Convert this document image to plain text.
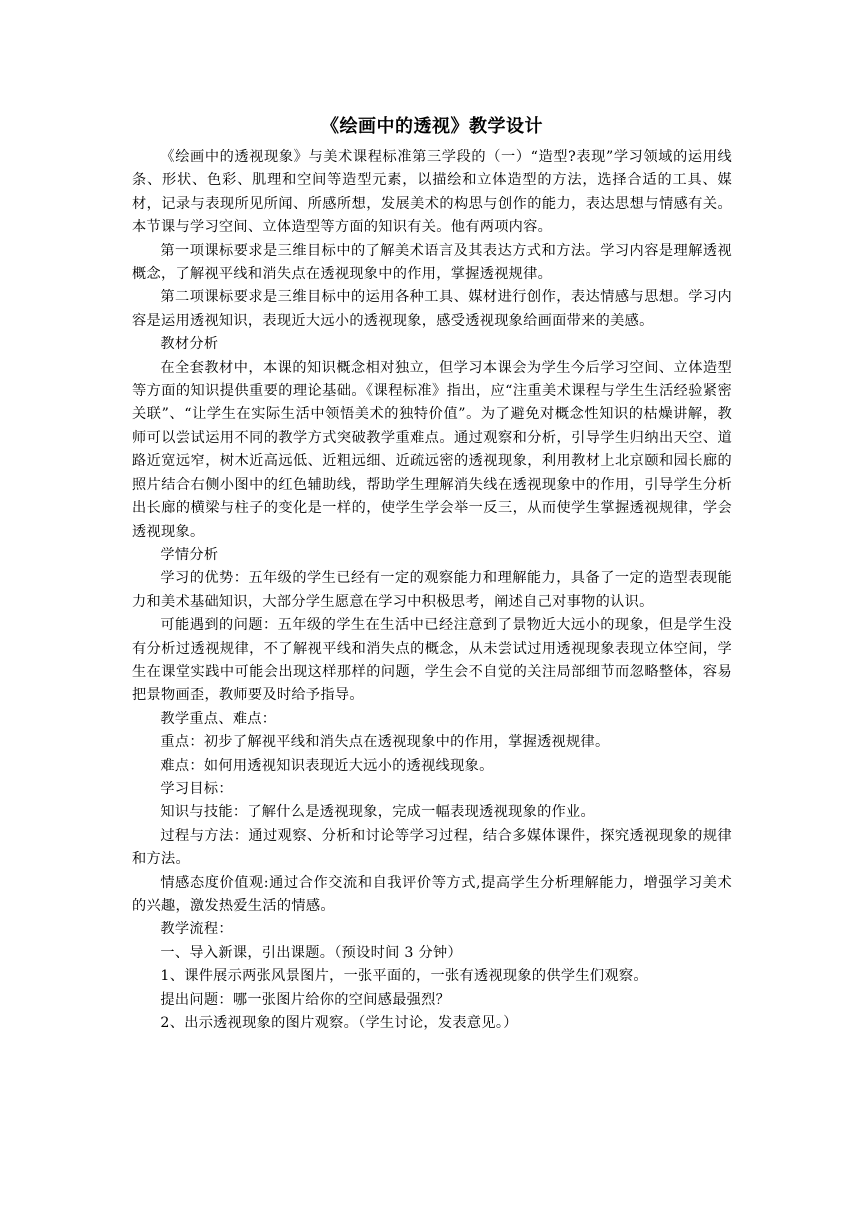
《绘画中的透视》教学设计

《绘画中的透视现象》与美术课程标准第三学段的（一）“造型?表现”学习领域的运用线条、形状、色彩、肌理和空间等造型元素，以描绘和立体造型的方法，选择合适的工具、媒材，记录与表现所见所闻、所感所想，发展美术的构思与创作的能力，表达思想与情感有关。本节课与学习空间、立体造型等方面的知识有关。他有两项内容。

第一项课标要求是三维目标中的了解美术语言及其表达方式和方法。学习内容是理解透视概念，了解视平线和消失点在透视现象中的作用，掌握透视规律。

第二项课标要求是三维目标中的运用各种工具、媒材进行创作，表达情感与思想。学习内容是运用透视知识，表现近大远小的透视现象，感受透视现象给画面带来的美感。

教材分析

在全套教材中，本课的知识概念相对独立，但学习本课会为学生今后学习空间、立体造型等方面的知识提供重要的理论基础。《课程标准》指出，应“注重美术课程与学生生活经验紧密关联”、“让学生在实际生活中领悟美术的独特价值”。为了避免对概念性知识的枯燥讲解，教师可以尝试运用不同的教学方式突破教学重难点。通过观察和分析，引导学生归纳出天空、道路近宽远窄，树木近高远低、近粗远细、近疏远密的透视现象，利用教材上北京颐和园长廊的照片结合右侧小图中的红色辅助线，帮助学生理解消失线在透视现象中的作用，引导学生分析出长廊的横梁与柱子的变化是一样的，使学生学会举一反三，从而使学生掌握透视规律，学会透视现象。

学情分析

学习的优势：五年级的学生已经有一定的观察能力和理解能力，具备了一定的造型表现能力和美术基础知识，大部分学生愿意在学习中积极思考，阐述自己对事物的认识。

可能遇到的问题：五年级的学生在生活中已经注意到了景物近大远小的现象，但是学生没有分析过透视规律，不了解视平线和消失点的概念，从未尝试过用透视现象表现立体空间，学生在课堂实践中可能会出现这样那样的问题，学生会不自觉的关注局部细节而忽略整体，容易把景物画歪，教师要及时给予指导。

教学重点、难点：

重点：初步了解视平线和消失点在透视现象中的作用，掌握透视规律。

难点：如何用透视知识表现近大远小的透视线现象。

学习目标：

知识与技能：了解什么是透视现象，完成一幅表现透视现象的作业。

过程与方法：通过观察、分析和讨论等学习过程，结合多媒体课件，探究透视现象的规律和方法。

情感态度价值观:通过合作交流和自我评价等方式,提高学生分析理解能力，增强学习美术的兴趣，激发热爱生活的情感。

教学流程：

一、导入新课，引出课题。（预设时间 3 分钟）

1、课件展示两张风景图片，一张平面的，一张有透视现象的供学生们观察。

提出问题：哪一张图片给你的空间感最强烈？

2、出示透视现象的图片观察。（学生讨论，发表意见。）
